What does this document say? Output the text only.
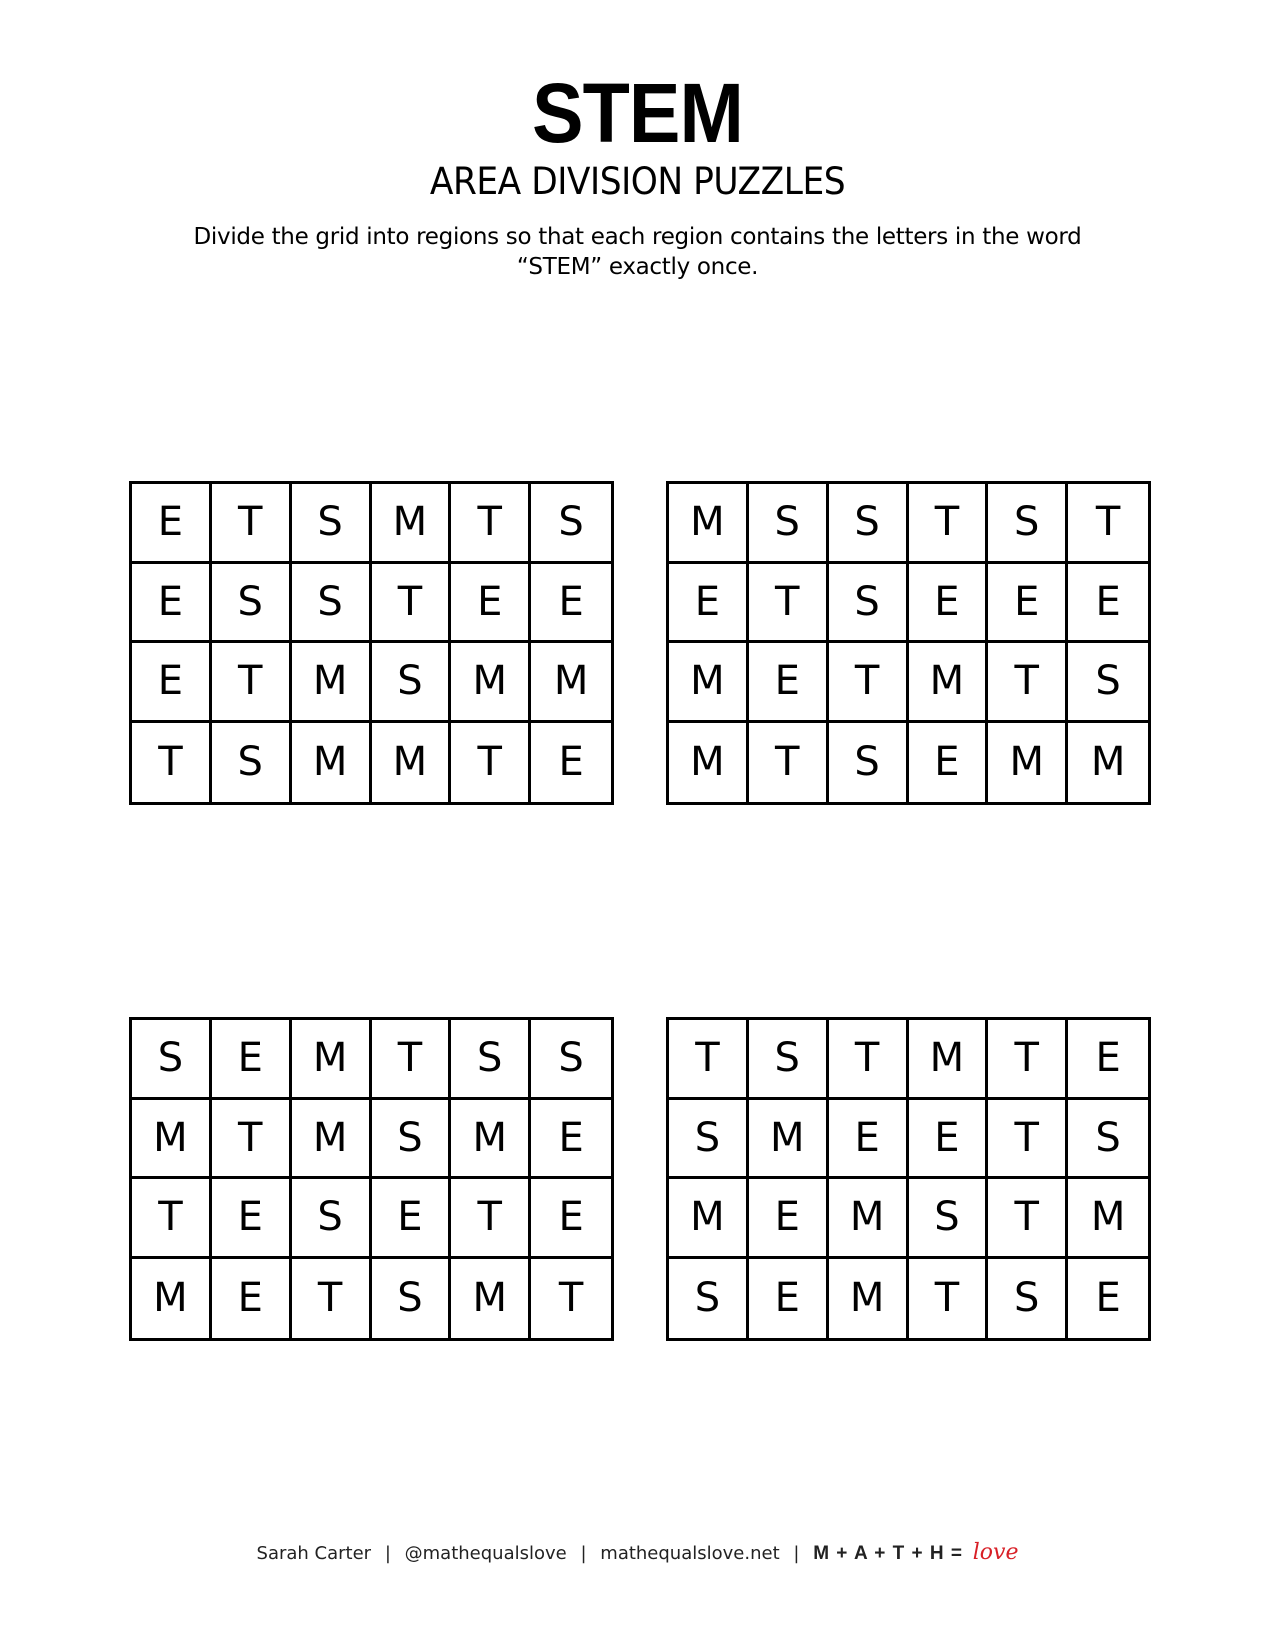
STEM
AREA DIVISION PUZZLES
Divide the grid into regions so that each region contains the letters in the word “STEM” exactly once.
E	T	S	M	T	S
E	S	S	T	E	E
E	T	M	S	M	M
T	S	M	M	T	E
M	S	S	T	S	T
E	T	S	E	E	E
M	E	T	M	T	S
M	T	S	E	M	M
S	E	M	T	S	S
M	T	M	S	M	E
T	E	S	E	T	E
M	E	T	S	M	T
T	S	T	M	T	E
S	M	E	E	T	S
M	E	M	S	T	M
S	E	M	T	S	E
Sarah Carter | @mathequalslove | mathequalslove.net | M + A + T + H = love
